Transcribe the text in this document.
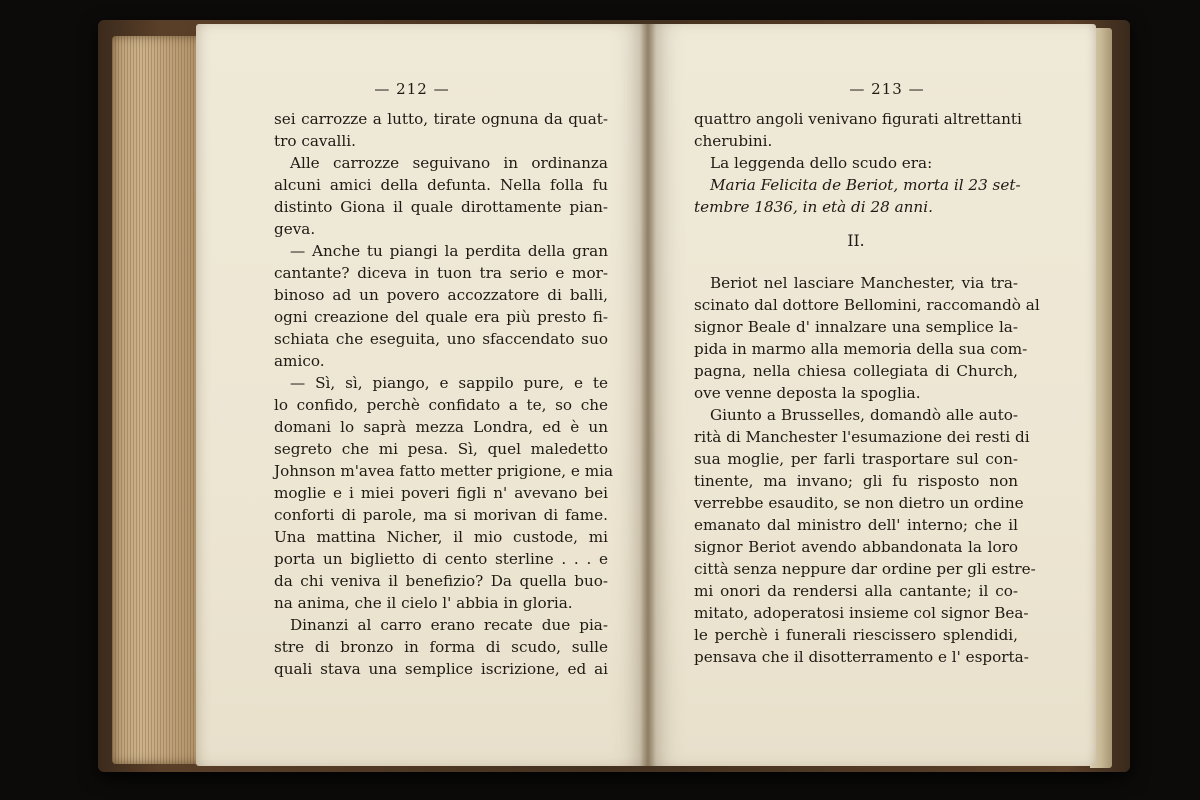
— 212 —
sei carrozze a lutto, tirate ognuna da quat-
tro cavalli.
Alle carrozze seguivano in ordinanza
alcuni amici della defunta. Nella folla fu
distinto Giona il quale dirottamente pian-
geva.
— Anche tu piangi la perdita della gran
cantante? diceva in tuon tra serio e mor-
binoso ad un povero accozzatore di balli,
ogni creazione del quale era più presto fi-
schiata che eseguita, uno sfaccendato suo
amico.
— Sì, sì, piango, e sappilo pure, e te
lo confido, perchè confidato a te, so che
domani lo saprà mezza Londra, ed è un
segreto che mi pesa. Sì, quel maledetto
Johnson m'avea fatto metter prigione, e mia
moglie e i miei poveri figli n' avevano bei
conforti di parole, ma si morivan di fame.
Una mattina Nicher, il mio custode, mi
porta un biglietto di cento sterline . . . e
da chi veniva il benefizio? Da quella buo-
na anima, che il cielo l' abbia in gloria.
Dinanzi al carro erano recate due pia-
stre di bronzo in forma di scudo, sulle
quali stava una semplice iscrizione, ed ai
— 213 —
quattro angoli venivano figurati altrettanti
cherubini.
La leggenda dello scudo era:
Maria Felicita de Beriot, morta il 23 set-
tembre 1836, in età di 28 anni.
II.
Beriot nel lasciare Manchester, via tra-
scinato dal dottore Bellomini, raccomandò al
signor Beale d' innalzare una semplice la-
pida in marmo alla memoria della sua com-
pagna, nella chiesa collegiata di Church,
ove venne deposta la spoglia.
Giunto a Brusselles, domandò alle auto-
rità di Manchester l'esumazione dei resti di
sua moglie, per farli trasportare sul con-
tinente, ma invano; gli fu risposto non
verrebbe esaudito, se non dietro un ordine
emanato dal ministro dell' interno; che il
signor Beriot avendo abbandonata la loro
città senza neppure dar ordine per gli estre-
mi onori da rendersi alla cantante; il co-
mitato, adoperatosi insieme col signor Bea-
le perchè i funerali riescissero splendidi,
pensava che il disotterramento e l' esporta-
